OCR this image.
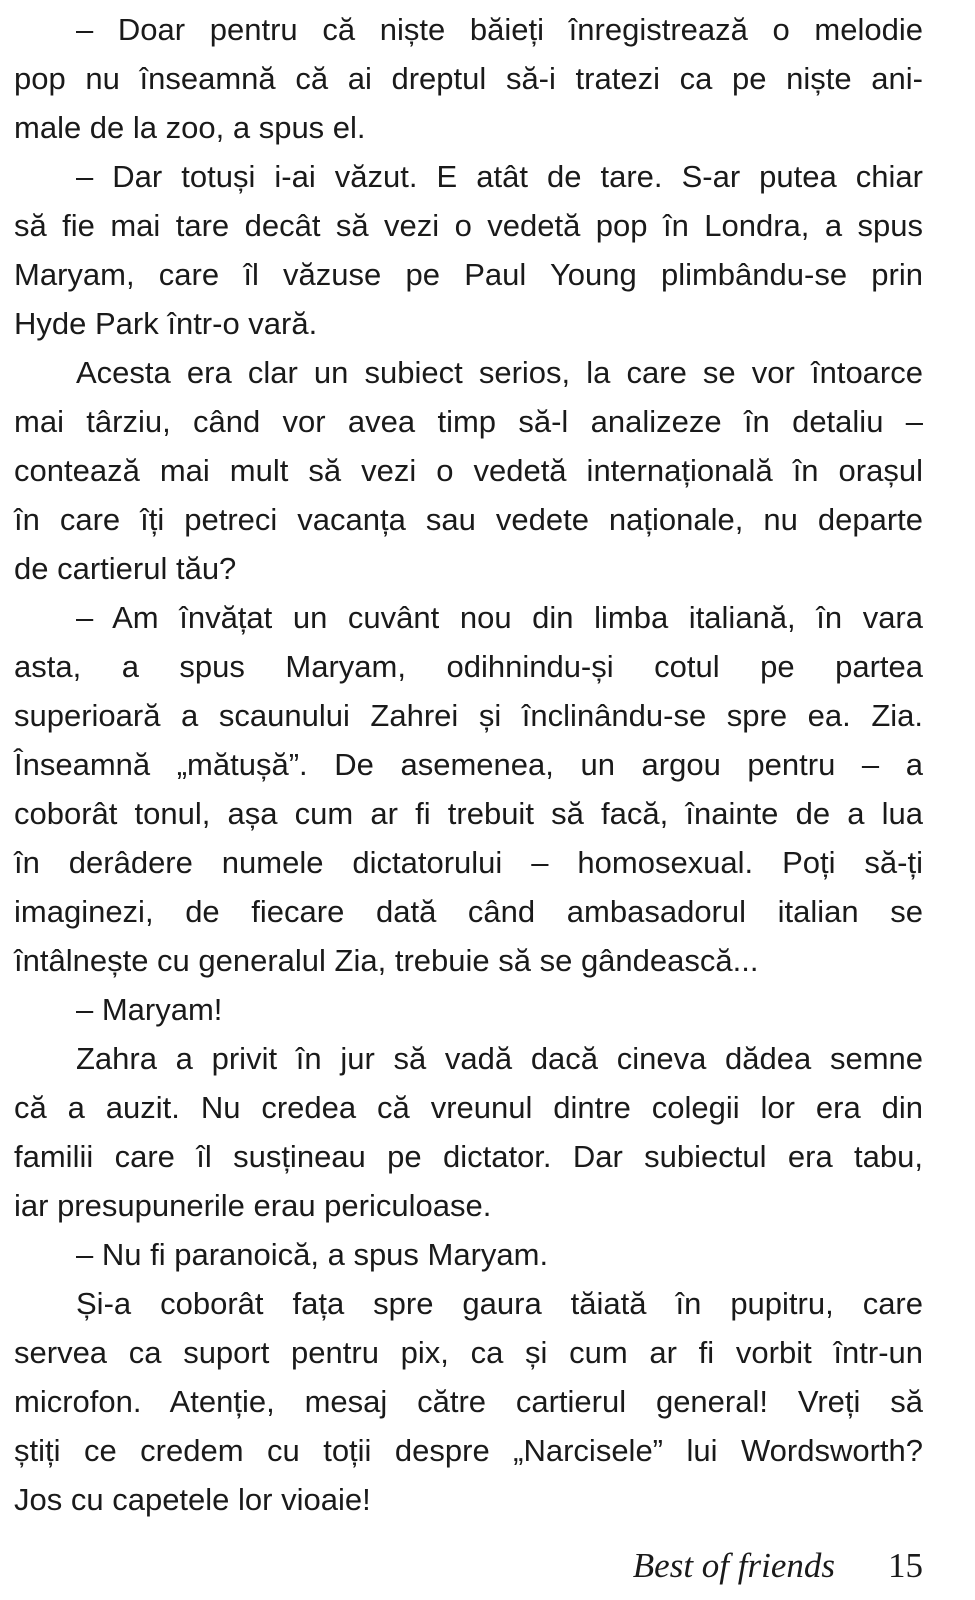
– Doar pentru că niște băieți înregistrează o melodie
pop nu înseamnă că ai dreptul să-i tratezi ca pe niște ani-
male de la zoo, a spus el.
– Dar totuși i-ai văzut. E atât de tare. S-ar putea chiar
să fie mai tare decât să vezi o vedetă pop în Londra, a spus
Maryam, care îl văzuse pe Paul Young plimbându-se prin
Hyde Park într-o vară.
Acesta era clar un subiect serios, la care se vor întoarce
mai târziu, când vor avea timp să-l analizeze în detaliu –
contează mai mult să vezi o vedetă internațională în orașul
în care îți petreci vacanța sau vedete naționale, nu departe
de cartierul tău?
– Am învățat un cuvânt nou din limba italiană, în vara
asta, a spus Maryam, odihnindu-și cotul pe partea
superioară a scaunului Zahrei și înclinându-se spre ea. Zia.
Înseamnă „mătușă”. De asemenea, un argou pentru – a
coborât tonul, așa cum ar fi trebuit să facă, înainte de a lua
în derâdere numele dictatorului – homosexual. Poți să-ți
imaginezi, de fiecare dată când ambasadorul italian se
întâlnește cu generalul Zia, trebuie să se gândească...
– Maryam!
Zahra a privit în jur să vadă dacă cineva dădea semne
că a auzit. Nu credea că vreunul dintre colegii lor era din
familii care îl susțineau pe dictator. Dar subiectul era tabu,
iar presupunerile erau periculoase.
– Nu fi paranoică, a spus Maryam.
Și-a coborât fața spre gaura tăiată în pupitru, care
servea ca suport pentru pix, ca și cum ar fi vorbit într-un
microfon. Atenție, mesaj către cartierul general! Vreți să
știți ce credem cu toții despre „Narcisele” lui Wordsworth?
Jos cu capetele lor vioaie!
Best of friends 15
